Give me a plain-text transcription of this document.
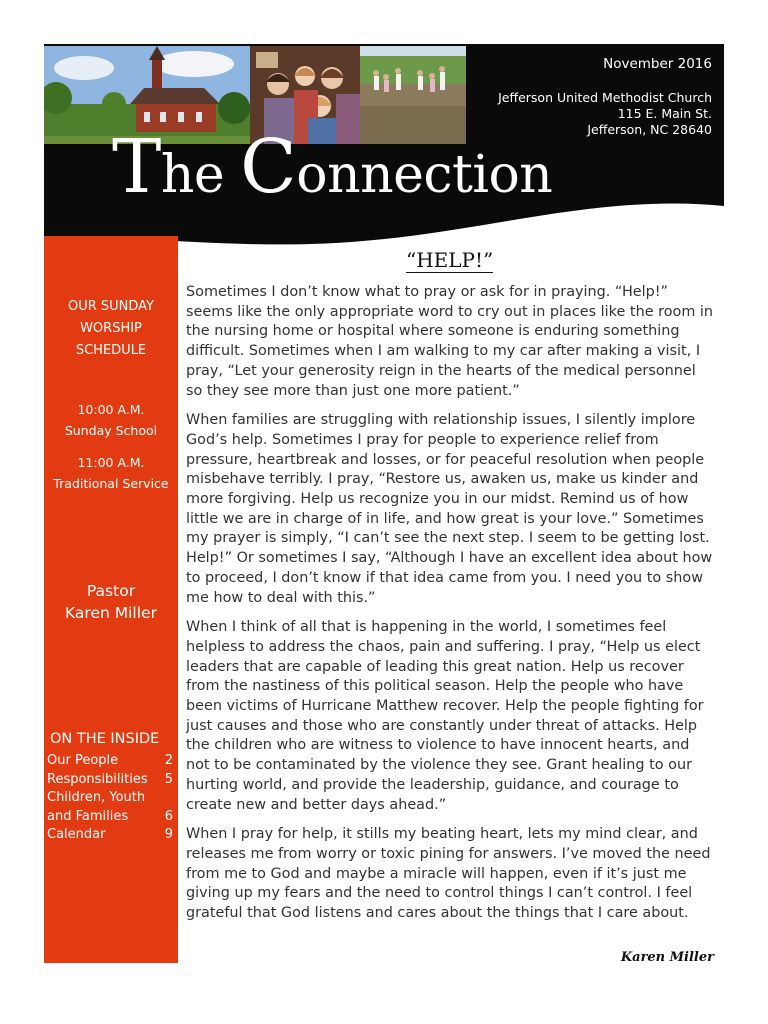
November 2016
Jefferson United Methodist Church
115 E. Main St.
Jefferson, NC 28640
The Connection
OUR SUNDAY
WORSHIP
SCHEDULE
10:00 A.M.
Sunday School
11:00 A.M.
Traditional Service
Pastor
Karen Miller
ON THE INSIDE
Our People	2
Responsibilities 5
Children, Youth
and Families	6
Calendar	9
“HELP!”

Sometimes I don’t know what to pray or ask for in praying. “Help!” seems like the only appropriate word to cry out in places like the room in the nursing home or hospital where someone is enduring something difficult. Sometimes when I am walking to my car after making a visit, I pray, “Let your generosity reign in the hearts of the medical personnel so they see more than just one more patient.”

When families are struggling with relationship issues, I silently implore God’s help. Sometimes I pray for people to experience relief from pressure, heartbreak and losses, or for peaceful resolution when people misbehave terribly. I pray, “Restore us, awaken us, make us kinder and more forgiving. Help us recognize you in our midst. Remind us of how little we are in charge of in life, and how great is your love.” Sometimes my prayer is simply, “I can’t see the next step. I seem to be getting lost. Help!” Or sometimes I say, “Although I have an excellent idea about how to proceed, I don’t know if that idea came from you. I need you to show me how to deal with this.”

When I think of all that is happening in the world, I sometimes feel helpless to address the chaos, pain and suffering. I pray, “Help us elect leaders that are capable of leading this great nation. Help us recover from the nastiness of this political season. Help the people who have been victims of Hurricane Matthew recover. Help the people fighting for just causes and those who are constantly under threat of attacks. Help the children who are witness to violence to have innocent hearts, and not to be contaminated by the violence they see. Grant healing to our hurting world, and provide the leadership, guidance, and courage to create new and better days ahead.”

When I pray for help, it stills my beating heart, lets my mind clear, and releases me from worry or toxic pining for answers. I’ve moved the need from me to God and maybe a miracle will happen, even if it’s just me giving up my fears and the need to control things I can’t control. I feel grateful that God listens and cares about the things that I care about.

Karen Miller
